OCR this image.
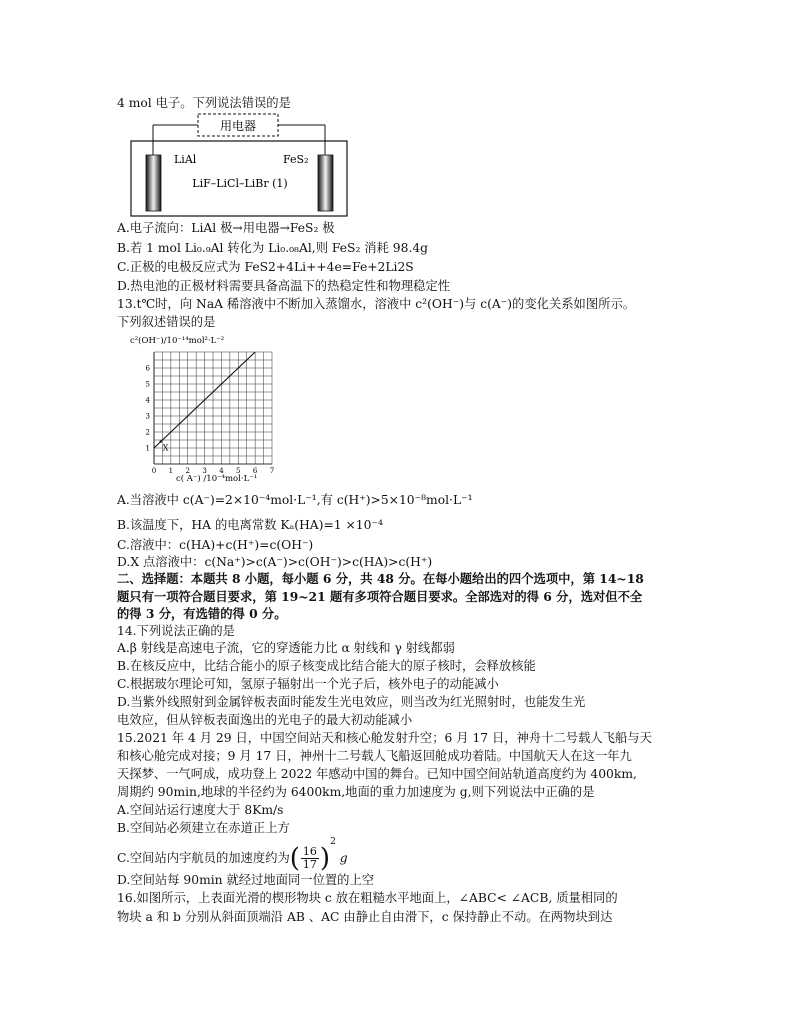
4 mol 电子。下列说法错误的是
用电器
LiAl	FeS₂
LiF–LiCl–LiBr (1)
A.电子流向：LiAl 极→用电器→FeS₂ 极
B.若 1 mol Li₀.₉Al 转化为 Li₀.₀₈Al,则 FeS₂ 消耗 98.4g
C.正极的电极反应式为 FeS2+4Li++4e=Fe+2Li2S
D.热电池的正极材料需要具备高温下的热稳定性和物理稳定性
13.t℃时，向 NaA 稀溶液中不断加入蒸馏水，溶液中 c²(OH⁻)与 c(A⁻)的变化关系如图所示。
下列叙述错误的是
c²(OH⁻)/10⁻¹⁴mol²·L⁻²
0 1 2 3 4 5 6 7
1
2
3
4
5
6
X
c( A⁻) /10⁻⁴mol·L⁻¹
A.当溶液中 c(A⁻)=2×10⁻⁴mol·L⁻¹,有 c(H⁺)>5×10⁻⁸mol·L⁻¹
B.该温度下，HA 的电离常数 Kₐ(HA)=1 ×10⁻⁴
C.溶液中：c(HA)+c(H⁺)=c(OH⁻)
D.X 点溶液中：c(Na⁺)>c(A⁻)>c(OH⁻)>c(HA)>c(H⁺)
二、选择题：本题共 8 小题，每小题 6 分，共 48 分。在每小题给出的四个选项中，第 14~18
题只有一项符合题目要求，第 19~21 题有多项符合题目要求。全部选对的得 6 分，选对但不全
的得 3 分，有选错的得 0 分。
14.下列说法正确的是
A.β 射线是高速电子流，它的穿透能力比 α 射线和 γ 射线都弱
B.在核反应中，比结合能小的原子核变成比结合能大的原子核时，会释放核能
C.根据玻尔理论可知，氢原子辐射出一个光子后，核外电子的动能减小
D.当紫外线照射到金属锌板表面时能发生光电效应，则当改为红光照射时，也能发生光
电效应，但从锌板表面逸出的光电子的最大初动能减小
15.2021 年 4 月 29 日，中国空间站天和核心舱发射升空；6 月 17 日，神舟十二号载人飞船与天
和核心舱完成对接；9 月 17 日，神州十二号载人飞船返回舱成功着陆。中国航天人在这一年九
天探梦、一气呵成，成功登上 2022 年感动中国的舞台。已知中国空间站轨道高度约为 400km,
周期约 90min,地球的半径约为 6400km,地面的重力加速度为 g,则下列说法中正确的是
A.空间站运行速度大于 8Km/s
B.空间站必须建立在赤道正上方
C.空间站内宇航员的加速度约为( $\frac{16}{17} )^2$ g
D.空间站每 90min 就经过地面同一位置的上空
16.如图所示，上表面光滑的楔形物块 c 放在粗糙水平地面上，∠ABC< ∠ACB, 质量相同的
物块 a 和 b 分别从斜面顶端沿 AB 、AC 由静止自由滑下，c 保持静止不动。在两物块到达
